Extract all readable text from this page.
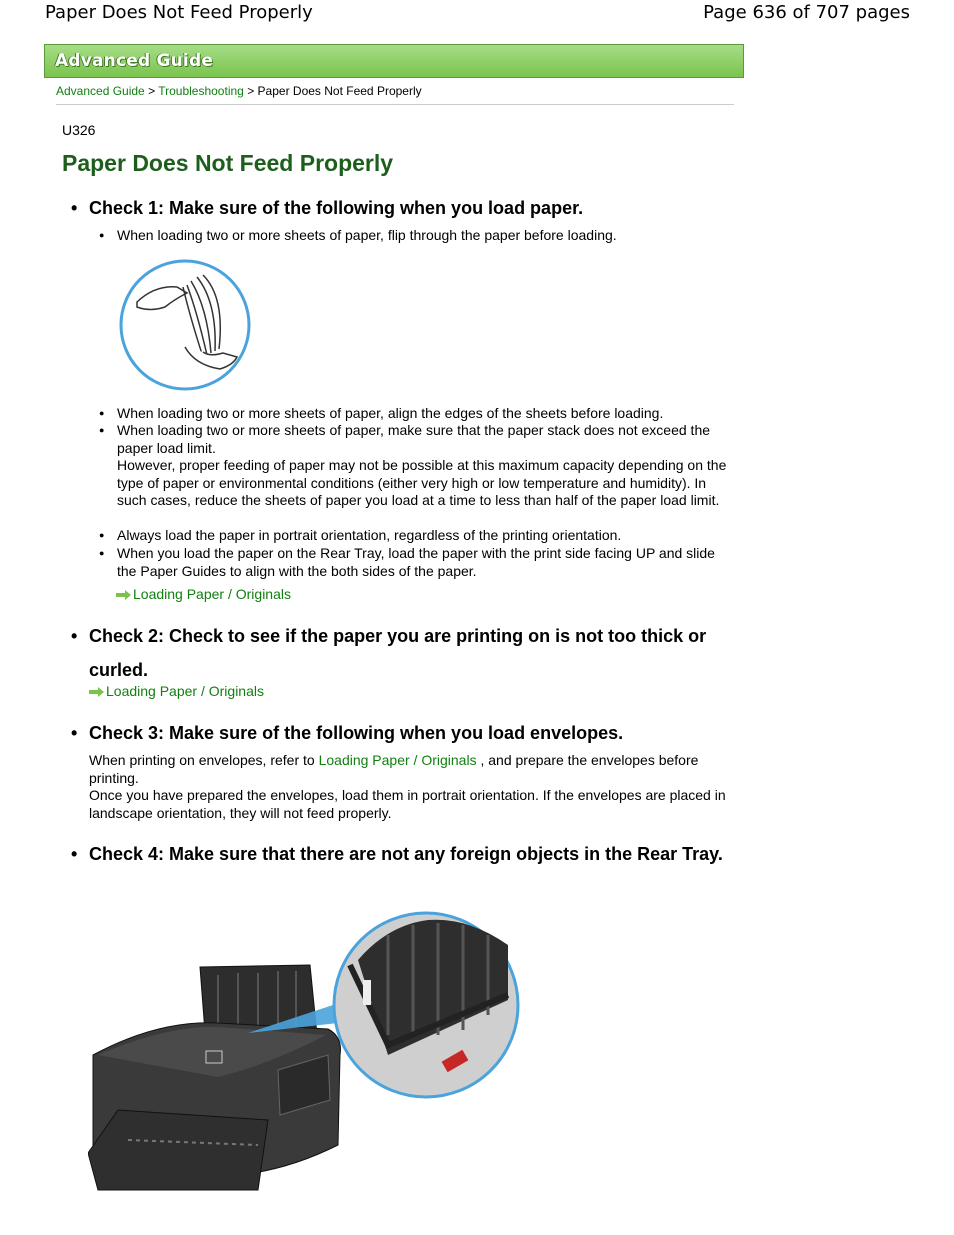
Paper Does Not Feed Properly	Page 636 of 707 pages
Advanced Guide
Advanced Guide > Troubleshooting > Paper Does Not Feed Properly
U326
Paper Does Not Feed Properly
• Check 1: Make sure of the following when you load paper.
● When loading two or more sheets of paper, flip through the paper before loading.
● When loading two or more sheets of paper, align the edges of the sheets before loading.
● When loading two or more sheets of paper, make sure that the paper stack does not exceed the paper load limit.
However, proper feeding of paper may not be possible at this maximum capacity depending on the type of paper or environmental conditions (either very high or low temperature and humidity). In such cases, reduce the sheets of paper you load at a time to less than half of the paper load limit.
● Always load the paper in portrait orientation, regardless of the printing orientation.
● When you load the paper on the Rear Tray, load the paper with the print side facing UP and slide the Paper Guides to align with the both sides of the paper.
Loading Paper / Originals
• Check 2: Check to see if the paper you are printing on is not too thick or curled.
Loading Paper / Originals
• Check 3: Make sure of the following when you load envelopes.
When printing on envelopes, refer to Loading Paper / Originals , and prepare the envelopes before printing.
Once you have prepared the envelopes, load them in portrait orientation. If the envelopes are placed in landscape orientation, they will not feed properly.
• Check 4: Make sure that there are not any foreign objects in the Rear Tray.
